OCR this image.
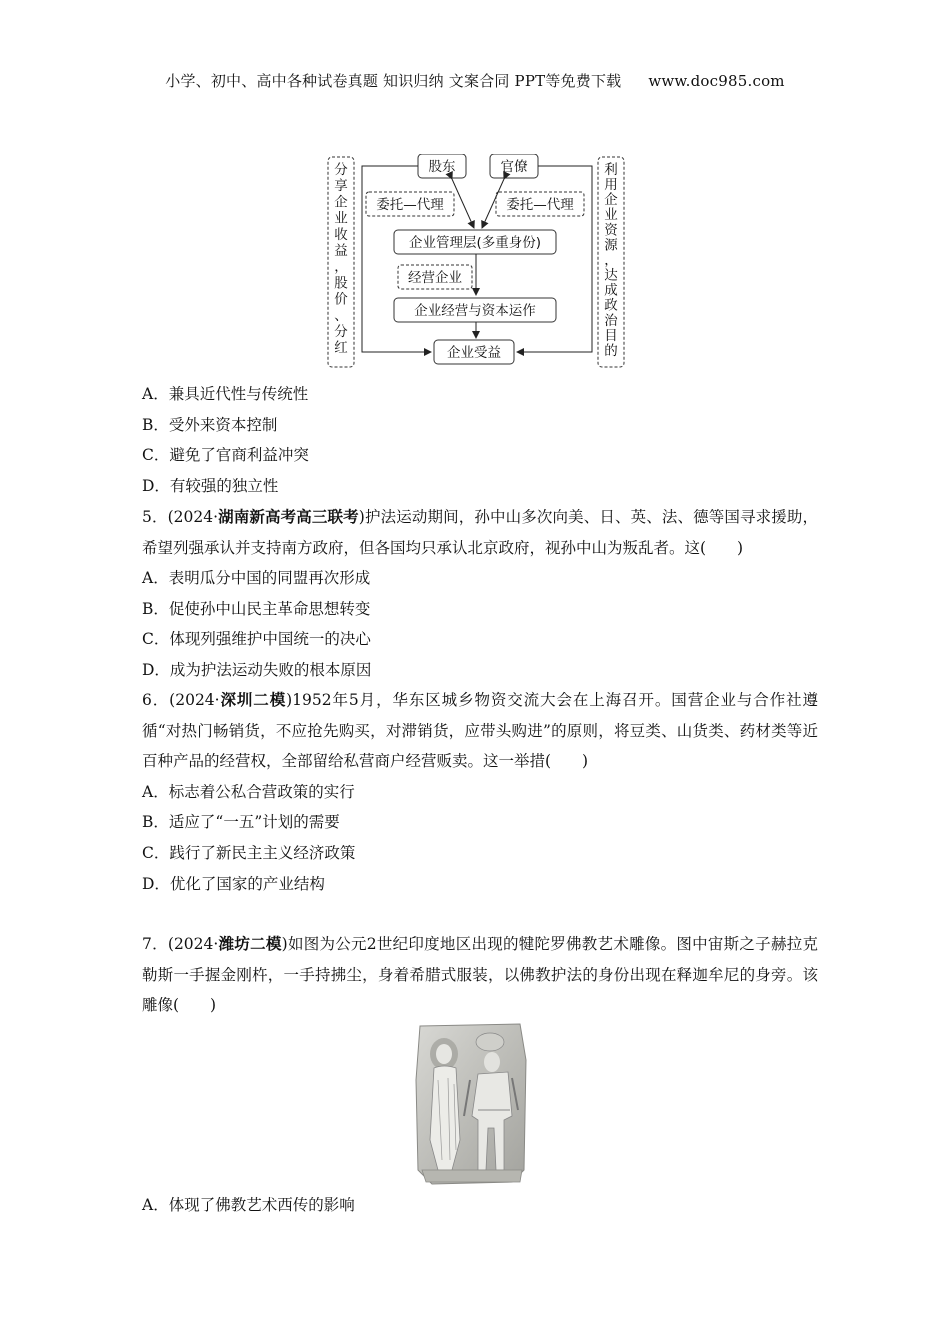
小学、初中、高中各种试卷真题 知识归纳 文案合同 PPT等免费下载 www.doc985.com
分享企业收益，股价、分红
利用企业资源，达成政治目的
股东	官僚
委托—代理	委托—代理
企业管理层(多重身份)
经营企业
企业经营与资本运作
企业受益
A．兼具近代性与传统性
B．受外来资本控制
C．避免了官商利益冲突
D．有较强的独立性
5．(2024·湖南新高考高三联考)护法运动期间，孙中山多次向美、日、英、法、德等国寻求援助，希望列强承认并支持南方政府，但各国均只承认北京政府，视孙中山为叛乱者。这(　　)
A．表明瓜分中国的同盟再次形成
B．促使孙中山民主革命思想转变
C．体现列强维护中国统一的决心
D．成为护法运动失败的根本原因
6．(2024·深圳二模)1952年5月，华东区城乡物资交流大会在上海召开。国营企业与合作社遵循“对热门畅销货，不应抢先购买，对滞销货，应带头购进”的原则，将豆类、山货类、药材类等近百种产品的经营权，全部留给私营商户经营贩卖。这一举措(　　)
A．标志着公私合营政策的实行
B．适应了“一五”计划的需要
C．践行了新民主主义经济政策
D．优化了国家的产业结构
7．(2024·潍坊二模)如图为公元2世纪印度地区出现的犍陀罗佛教艺术雕像。图中宙斯之子赫拉克勒斯一手握金刚杵，一手持拂尘，身着希腊式服装，以佛教护法的身份出现在释迦牟尼的身旁。该雕像(　　)
A．体现了佛教艺术西传的影响
